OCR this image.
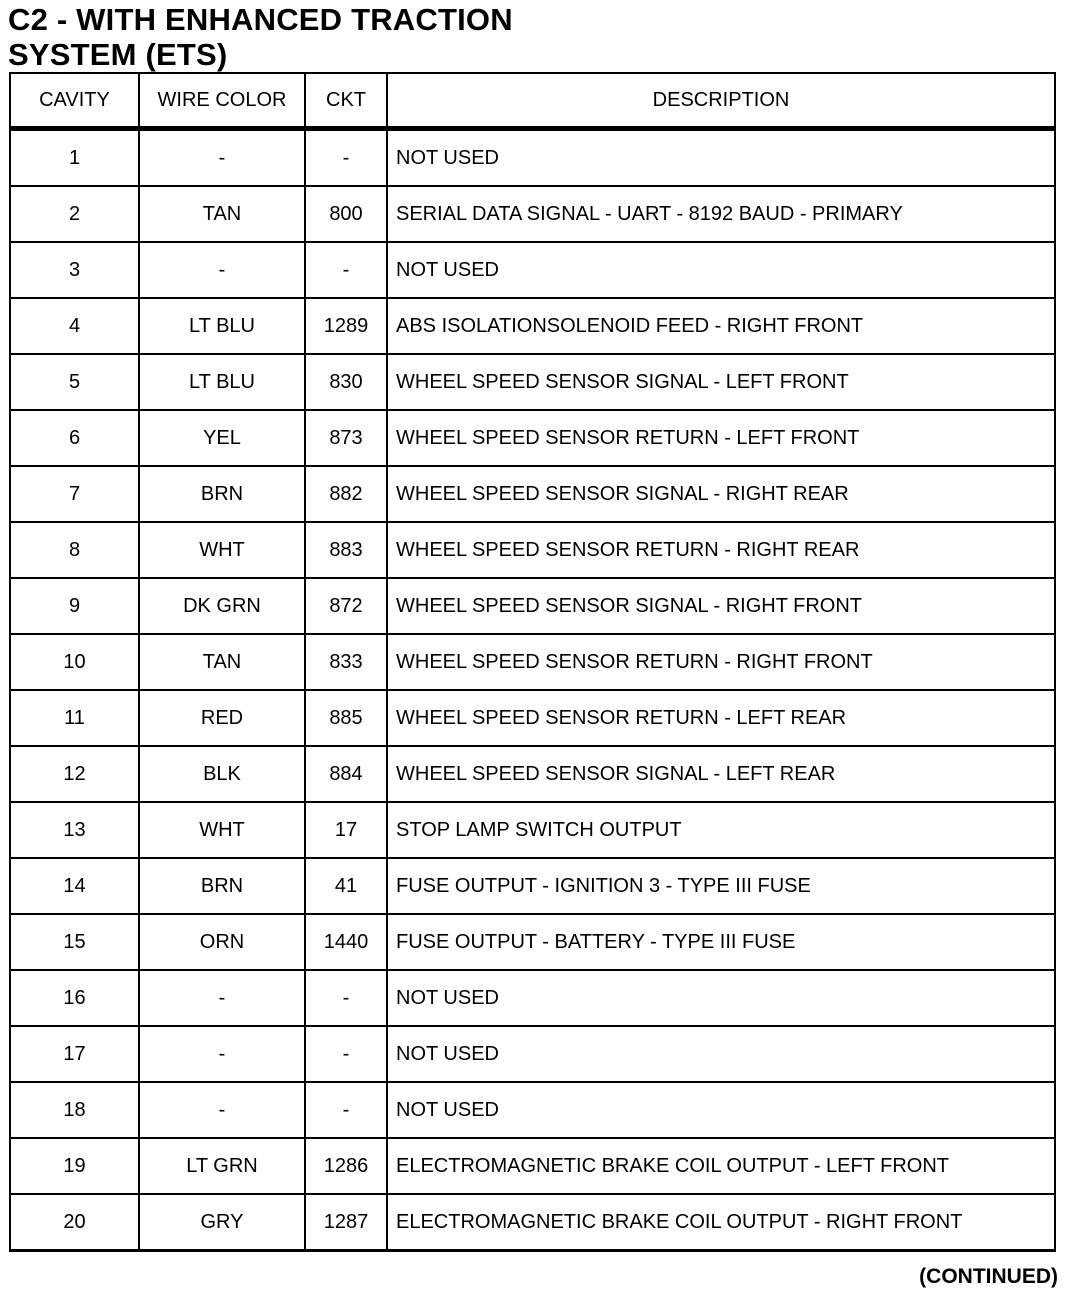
C2 - WITH ENHANCED TRACTION
SYSTEM (ETS)
CAVITY	WIRE COLOR	CKT	DESCRIPTION
1	-	-	NOT USED
2	TAN	800	SERIAL DATA SIGNAL - UART - 8192 BAUD - PRIMARY
3	-	-	NOT USED
4	LT BLU	1289	ABS ISOLATIONSOLENOID FEED - RIGHT FRONT
5	LT BLU	830	WHEEL SPEED SENSOR SIGNAL - LEFT FRONT
6	YEL	873	WHEEL SPEED SENSOR RETURN - LEFT FRONT
7	BRN	882	WHEEL SPEED SENSOR SIGNAL - RIGHT REAR
8	WHT	883	WHEEL SPEED SENSOR RETURN - RIGHT REAR
9	DK GRN	872	WHEEL SPEED SENSOR SIGNAL - RIGHT FRONT
10	TAN	833	WHEEL SPEED SENSOR RETURN - RIGHT FRONT
11	RED	885	WHEEL SPEED SENSOR RETURN - LEFT REAR
12	BLK	884	WHEEL SPEED SENSOR SIGNAL - LEFT REAR
13	WHT	17	STOP LAMP SWITCH OUTPUT
14	BRN	41	FUSE OUTPUT - IGNITION 3 - TYPE III FUSE
15	ORN	1440	FUSE OUTPUT - BATTERY - TYPE III FUSE
16	-	-	NOT USED
17	-	-	NOT USED
18	-	-	NOT USED
19	LT GRN	1286	ELECTROMAGNETIC BRAKE COIL OUTPUT - LEFT FRONT
20	GRY	1287	ELECTROMAGNETIC BRAKE COIL OUTPUT - RIGHT FRONT
(CONTINUED)
